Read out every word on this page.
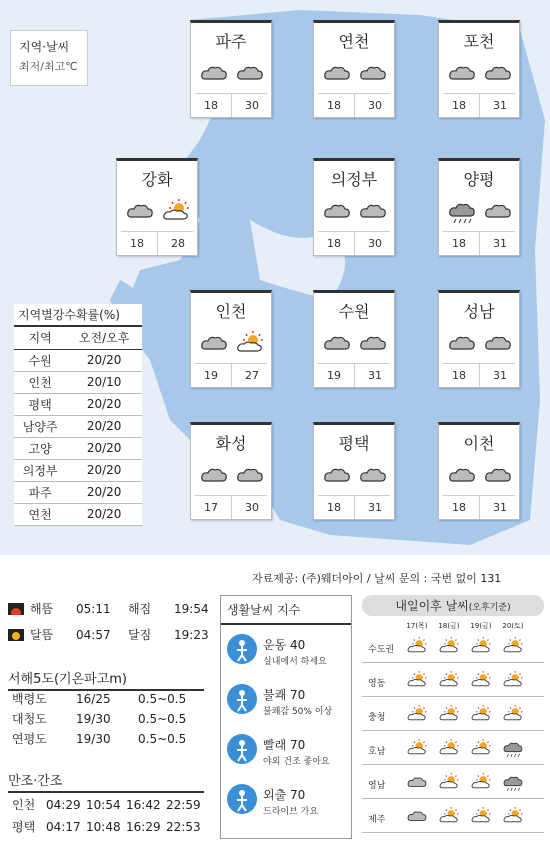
지역·날씨
최저/최고℃
파주
18	30
연천
18	30
포천
18	31
강화
18	28
의정부
18	30
양평
18	31
인천
19	27
수원
19	31
성남
18	31
화성
17	30
평택
18	31
이천
18	31
지역별강수확률(%)
지역	오전/오후
수원	20/20
인천	20/10
평택	20/20
남양주	20/20
고양	20/20
의정부	20/20
파주	20/20
연천	20/20
자료제공: (주)웨더아이 / 날씨 문의 : 국번 없이 131
해뜸	05:11	해짐	19:54
달뜸	04:57	달짐	19:23
서해5도(기온파고m)
백령도 16/25 0.5~0.5
대청도 19/30 0.5~0.5
연평도 19/30 0.5~0.5
만조·간조
인천 04:29 10:54 16:42 22:59
평택 04:17 10:48 16:29 22:53
생활날씨 지수
운동 40
실내에서 하세요
불쾌 70
불쾌감 50% 이상
빨래 70
야외 건조 좋아요
외출 70
드라이브 가요
내일이후 날씨(오후기준)
17(목)	18(금)	19(금)	20(토)
수도권
영동
충청
호남
영남
제주
